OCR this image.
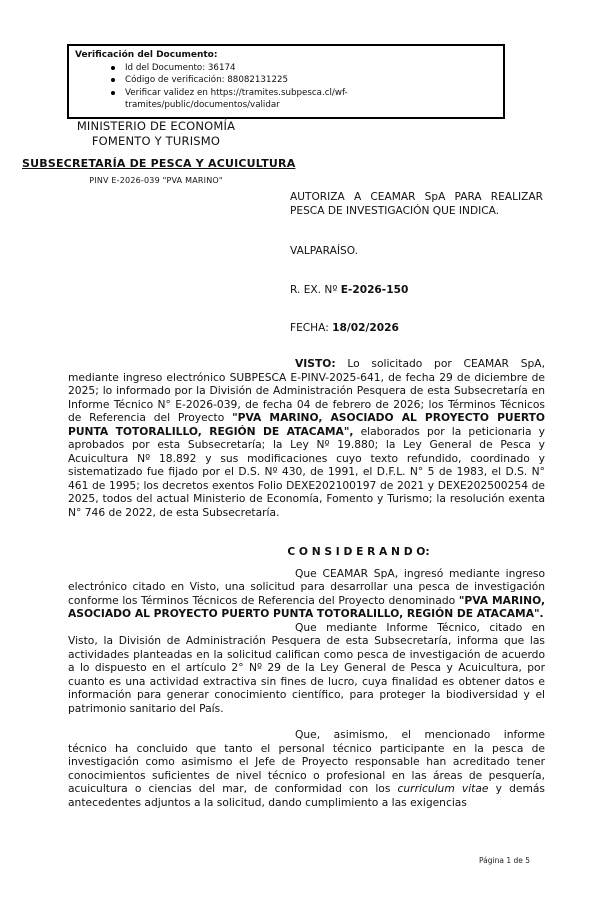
Verificación del Documento:
Id del Documento: 36174
Código de verificación: 88082131225
Verificar validez en https://tramites.subpesca.cl/wf-tramites/public/documentos/validar
MINISTERIO DE ECONOMÍA
FOMENTO Y TURISMO
SUBSECRETARÍA DE PESCA Y ACUICULTURA
PINV E-2026-039 "PVA MARINO"
AUTORIZA A CEAMAR SpA PARA REALIZAR PESCA DE INVESTIGACIÓN QUE INDICA.
VALPARAÍSO.
R. EX. Nº E-2026-150
FECHA: 18/02/2026

VISTO: Lo solicitado por CEAMAR SpA, mediante ingreso electrónico SUBPESCA E-PINV-2025-641, de fecha 29 de diciembre de 2025; lo informado por la División de Administración Pesquera de esta Subsecretaría en Informe Técnico N° E-2026-039, de fecha 04 de febrero de 2026; los Términos Técnicos de Referencia del Proyecto "PVA MARINO, ASOCIADO AL PROYECTO PUERTO PUNTA TOTORALILLO, REGIÓN DE ATACAMA", elaborados por la peticionaria y aprobados por esta Subsecretaría; la Ley Nº 19.880; la Ley General de Pesca y Acuicultura Nº 18.892 y sus modificaciones cuyo texto refundido, coordinado y sistematizado fue fijado por el D.S. Nº 430, de 1991, el D.F.L. N° 5 de 1983, el D.S. N° 461 de 1995; los decretos exentos Folio DEXE202100197 de 2021 y DEXE202500254 de 2025, todos del actual Ministerio de Economía, Fomento y Turismo; la resolución exenta N° 746 de 2022, de esta Subsecretaría.

C O N S I D E R A N D O:

Que CEAMAR SpA, ingresó mediante ingreso electrónico citado en Visto, una solicitud para desarrollar una pesca de investigación conforme los Términos Técnicos de Referencia del Proyecto denominado "PVA MARINO, ASOCIADO AL PROYECTO PUERTO PUNTA TOTORALILLO, REGIÓN DE ATACAMA".

Que mediante Informe Técnico, citado en Visto, la División de Administración Pesquera de esta Subsecretaría, informa que las actividades planteadas en la solicitud califican como pesca de investigación de acuerdo a lo dispuesto en el artículo 2° Nº 29 de la Ley General de Pesca y Acuicultura, por cuanto es una actividad extractiva sin fines de lucro, cuya finalidad es obtener datos e información para generar conocimiento científico, para proteger la biodiversidad y el patrimonio sanitario del País.

Que, asimismo, el mencionado informe técnico ha concluido que tanto el personal técnico participante en la pesca de investigación como asimismo el Jefe de Proyecto responsable han acreditado tener conocimientos suficientes de nivel técnico o profesional en las áreas de pesquería, acuicultura o ciencias del mar, de conformidad con los curriculum vitae y demás antecedentes adjuntos a la solicitud, dando cumplimiento a las exigencias

Página 1 de 5
